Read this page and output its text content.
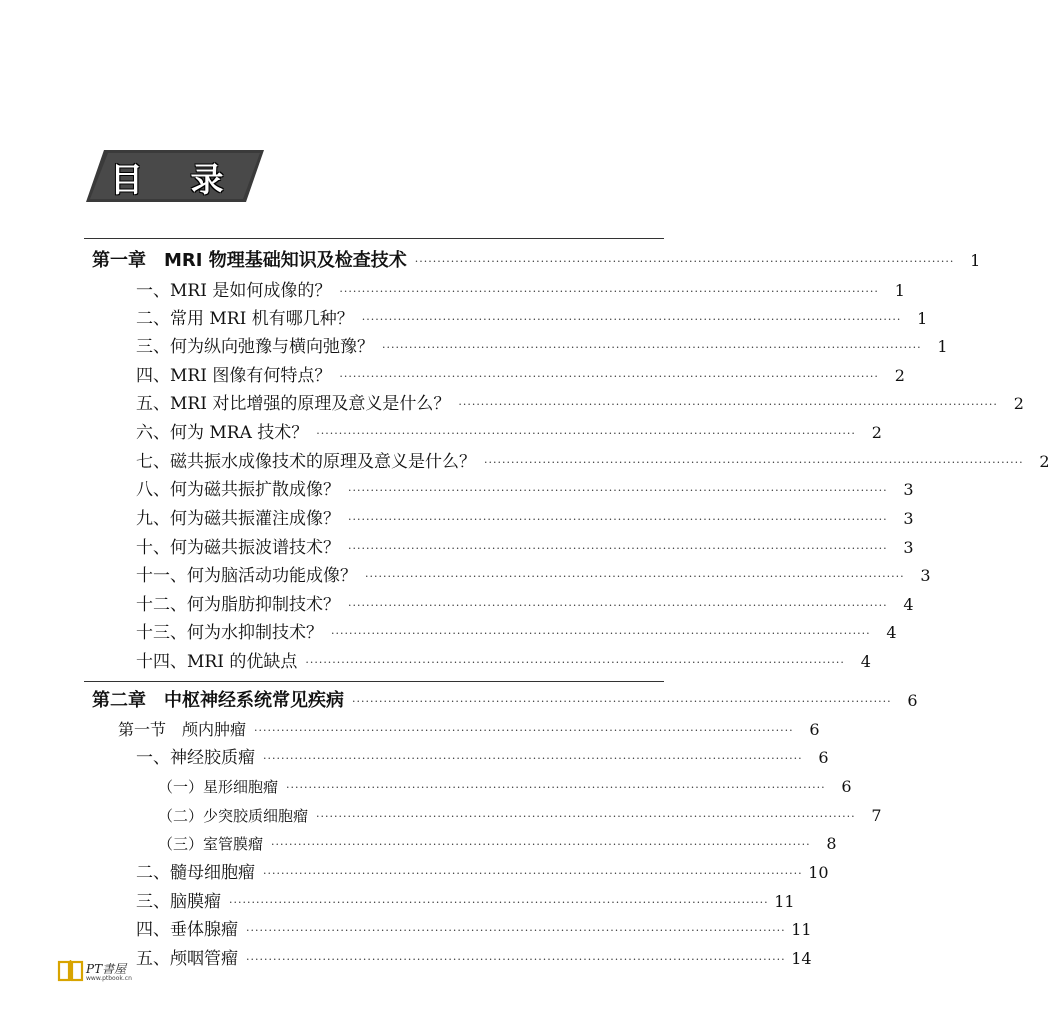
目 录
第一章　MRI 物理基础知识及检查技术 ························································································································ 1
一、MRI 是如何成像的？ ························································································································ 1
二、常用 MRI 机有哪几种？ ························································································································ 1
三、何为纵向弛豫与横向弛豫？ ························································································································ 1
四、MRI 图像有何特点？ ························································································································ 2
五、MRI 对比增强的原理及意义是什么？ ························································································································ 2
六、何为 MRA 技术？ ························································································································ 2
七、磁共振水成像技术的原理及意义是什么？ ························································································································ 2
八、何为磁共振扩散成像？ ························································································································ 3
九、何为磁共振灌注成像？ ························································································································ 3
十、何为磁共振波谱技术？ ························································································································ 3
十一、何为脑活动功能成像？ ························································································································ 3
十二、何为脂肪抑制技术？ ························································································································ 4
十三、何为水抑制技术？ ························································································································ 4
十四、MRI 的优缺点 ························································································································ 4
第二章　中枢神经系统常见疾病 ························································································································ 6
第一节　颅内肿瘤 ························································································································ 6
一、神经胶质瘤 ························································································································ 6
（一）星形细胞瘤 ························································································································ 6
（二）少突胶质细胞瘤 ························································································································ 7
（三）室管膜瘤 ························································································································ 8
二、髓母细胞瘤 ························································································································ 10
三、脑膜瘤 ························································································································ 11
四、垂体腺瘤 ························································································································ 11
五、颅咽管瘤 ························································································································ 14
PT書屋
www.ptbook.cn
